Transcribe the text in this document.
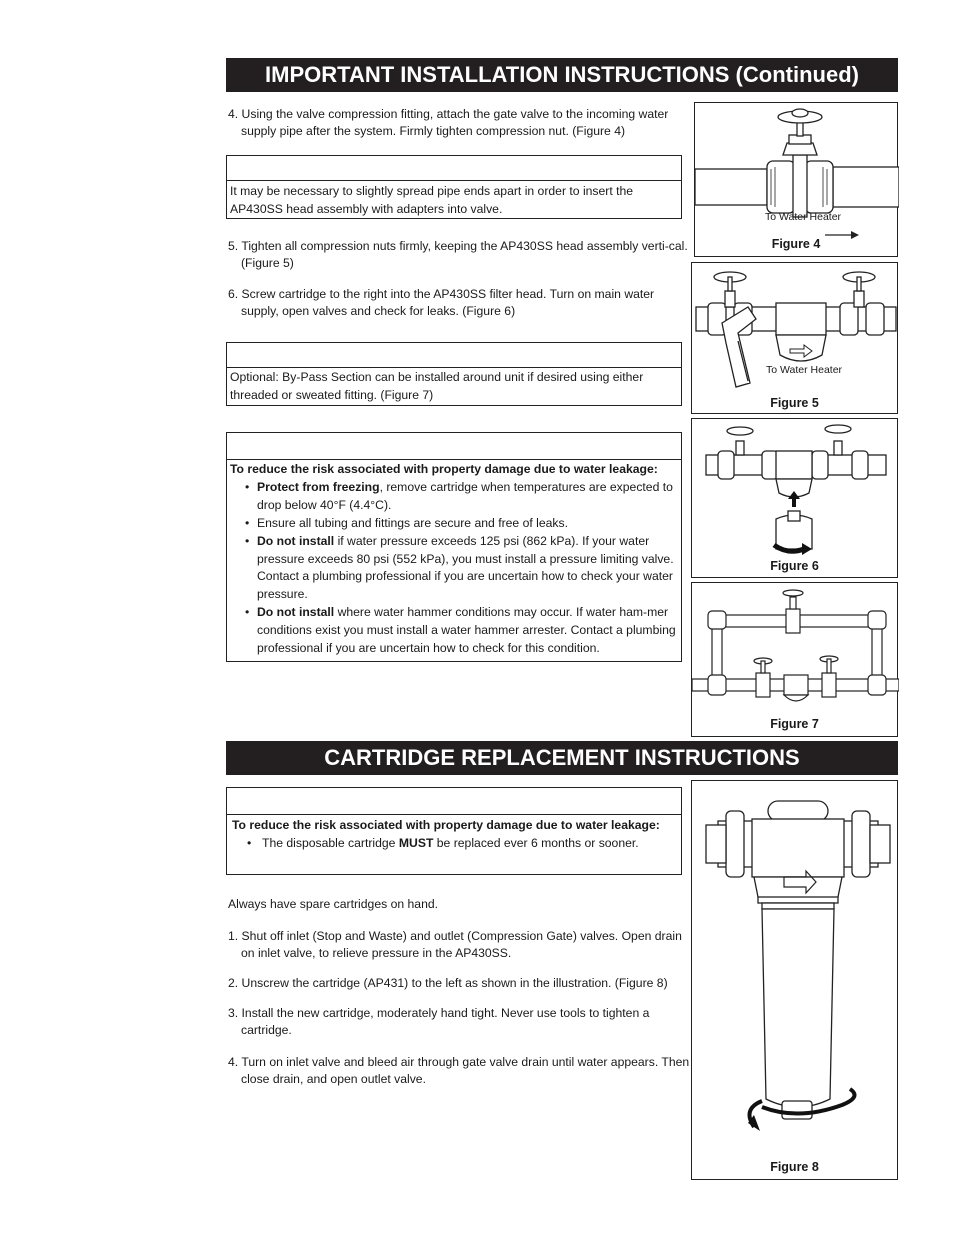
IMPORTANT INSTALLATION INSTRUCTIONS (Continued)
4. Using the valve compression fitting, attach the gate valve to the incoming water supply pipe after the system. Firmly tighten compression nut. (Figure 4)
It may be necessary to slightly spread pipe ends apart in order to insert the AP430SS head assembly with adapters into valve.
5. Tighten all compression nuts firmly, keeping the AP430SS head assembly verti-cal. (Figure 5)
6. Screw cartridge to the right into the AP430SS filter head. Turn on main water supply, open valves and check for leaks. (Figure 6)
Optional: By-Pass Section can be installed around unit if desired using either threaded or sweated fitting. (Figure 7)
To reduce the risk associated with property damage due to water leakage:
• Protect from freezing, remove cartridge when temperatures are expected to drop below 40°F (4.4°C).
• Ensure all tubing and fittings are secure and free of leaks.
• Do not install if water pressure exceeds 125 psi (862 kPa). If your water pressure exceeds 80 psi (552 kPa), you must install a pressure limiting valve. Contact a plumbing professional if you are uncertain how to check your water pressure.
• Do not install where water hammer conditions may occur. If water ham-mer conditions exist you must install a water hammer arrester. Contact a plumbing professional if you are uncertain how to check for this condition.
To Water Heater
Figure 4
To Water Heater
Figure 5
Figure 6
Figure 7
CARTRIDGE REPLACEMENT INSTRUCTIONS
To reduce the risk associated with property damage due to water leakage:
• The disposable cartridge MUST be replaced ever 6 months or sooner.
Always have spare cartridges on hand.
1. Shut off inlet (Stop and Waste) and outlet (Compression Gate) valves. Open drain on inlet valve, to relieve pressure in the AP430SS.
2. Unscrew the cartridge (AP431) to the left as shown in the illustration. (Figure 8)
3. Install the new cartridge, moderately hand tight. Never use tools to tighten a cartridge.
4. Turn on inlet valve and bleed air through gate valve drain until water appears. Then close drain, and open outlet valve.
Figure 8
